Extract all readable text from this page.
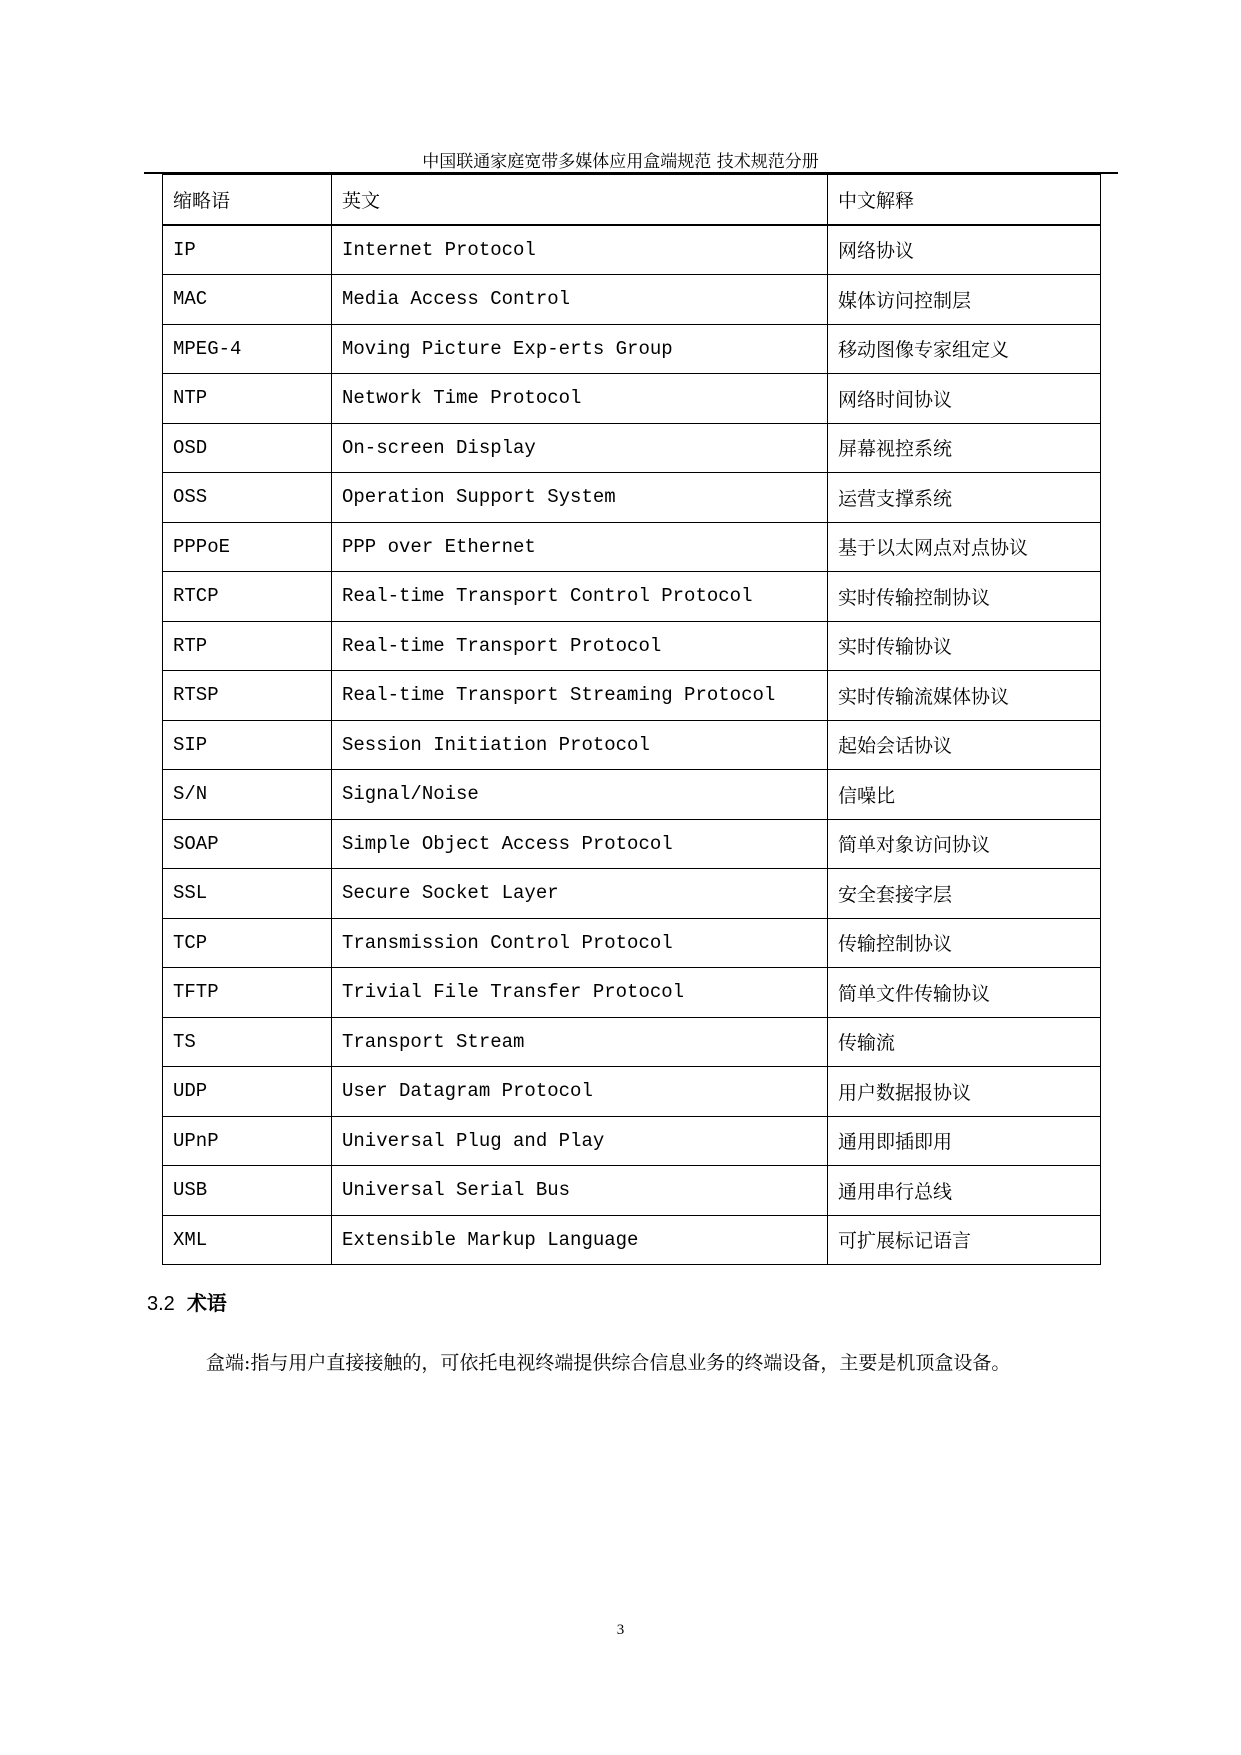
中国联通家庭宽带多媒体应用盒端规范 技术规范分册
缩略语	英文	中文解释
IP	Internet Protocol	网络协议
MAC	Media Access Control	媒体访问控制层
MPEG-4	Moving Picture Exp-erts Group	移动图像专家组定义
NTP	Network Time Protocol	网络时间协议
OSD	On-screen Display	屏幕视控系统
OSS	Operation Support System	运营支撑系统
PPPoE	PPP over Ethernet	基于以太网点对点协议
RTCP	Real-time Transport Control Protocol	实时传输控制协议
RTP	Real-time Transport Protocol	实时传输协议
RTSP	Real-time Transport Streaming Protocol	实时传输流媒体协议
SIP	Session Initiation Protocol	起始会话协议
S/N	Signal/Noise	信噪比
SOAP	Simple Object Access Protocol	简单对象访问协议
SSL	Secure Socket Layer	安全套接字层
TCP	Transmission Control Protocol	传输控制协议
TFTP	Trivial File Transfer Protocol	简单文件传输协议
TS	Transport Stream	传输流
UDP	User Datagram Protocol	用户数据报协议
UPnP	Universal Plug and Play	通用即插即用
USB	Universal Serial Bus	通用串行总线
XML	Extensible Markup Language	可扩展标记语言
3.2 术语
盒端:指与用户直接接触的，可依托电视终端提供综合信息业务的终端设备，主要是机顶盒设备。
3
